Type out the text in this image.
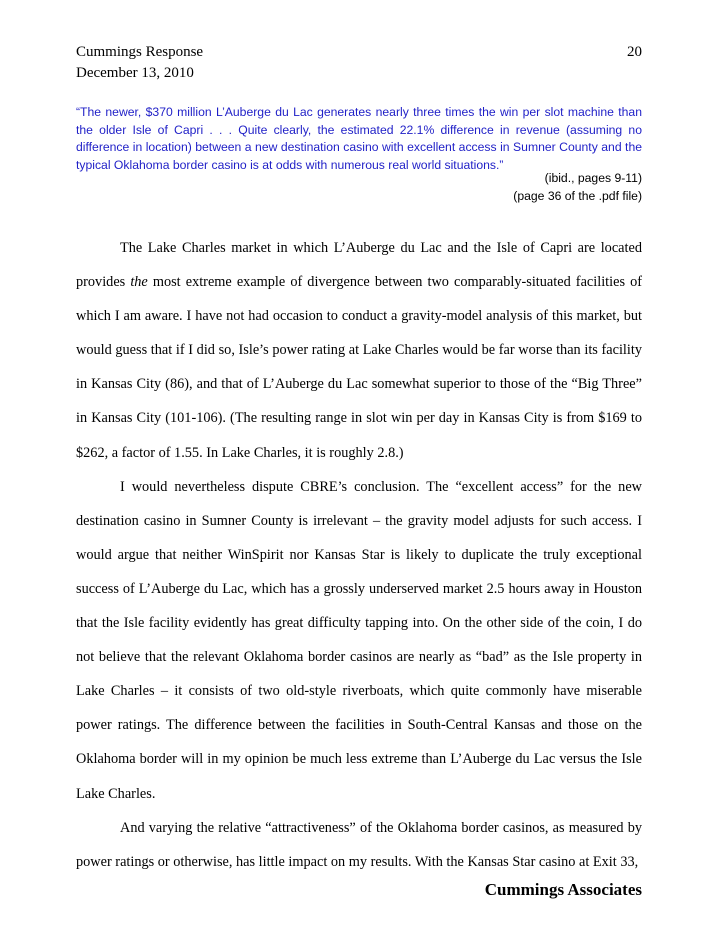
Cummings Response	20
December 13, 2010
“The newer, $370 million L’Auberge du Lac generates nearly three times the win per slot machine than the older Isle of Capri . . . Quite clearly, the estimated 22.1% difference in revenue (assuming no difference in location) between a new destination casino with excellent access in Sumner County and the typical Oklahoma border casino is at odds with numerous real world situations.”
(ibid., pages 9-11)
(page 36 of the .pdf file)

The Lake Charles market in which L’Auberge du Lac and the Isle of Capri are located provides the most extreme example of divergence between two comparably-situated facilities of which I am aware. I have not had occasion to conduct a gravity-model analysis of this market, but would guess that if I did so, Isle’s power rating at Lake Charles would be far worse than its facility in Kansas City (86), and that of L’Auberge du Lac somewhat superior to those of the “Big Three” in Kansas City (101-106). (The resulting range in slot win per day in Kansas City is from $169 to $262, a factor of 1.55. In Lake Charles, it is roughly 2.8.)

I would nevertheless dispute CBRE’s conclusion. The “excellent access” for the new destination casino in Sumner County is irrelevant – the gravity model adjusts for such access. I would argue that neither WinSpirit nor Kansas Star is likely to duplicate the truly exceptional success of L’Auberge du Lac, which has a grossly underserved market 2.5 hours away in Houston that the Isle facility evidently has great difficulty tapping into. On the other side of the coin, I do not believe that the relevant Oklahoma border casinos are nearly as “bad” as the Isle property in Lake Charles – it consists of two old-style riverboats, which quite commonly have miserable power ratings. The difference between the facilities in South-Central Kansas and those on the Oklahoma border will in my opinion be much less extreme than L’Auberge du Lac versus the Isle Lake Charles.

And varying the relative “attractiveness” of the Oklahoma border casinos, as measured by power ratings or otherwise, has little impact on my results. With the Kansas Star casino at Exit 33,

Cummings Associates
